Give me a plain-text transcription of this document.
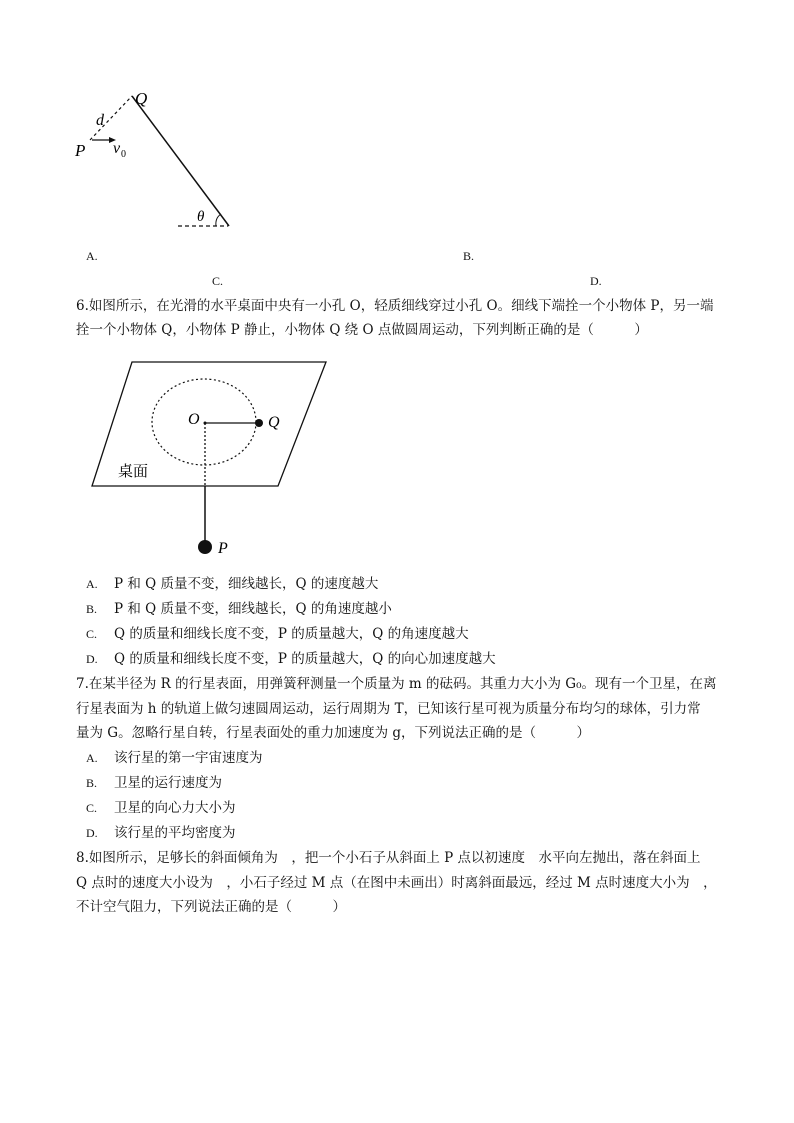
Q
d
P v 0
θ
A.	B.
C.	D.
6.如图所示，在光滑的水平桌面中央有一小孔 O，轻质细线穿过小孔 O。细线下端拴一个小物体 P，另一端
拴一个小物体 Q，小物体 P 静止，小物体 Q 绕 O 点做圆周运动，下列判断正确的是（　　　）
O	Q
P
桌面
A. P 和 Q 质量不变，细线越长，Q 的速度越大
B. P 和 Q 质量不变，细线越长，Q 的角速度越小
C. Q 的质量和细线长度不变，P 的质量越大，Q 的角速度越大
D. Q 的质量和细线长度不变，P 的质量越大，Q 的向心加速度越大
7.在某半径为 R 的行星表面，用弹簧秤测量一个质量为 m 的砝码。其重力大小为 G₀。现有一个卫星，在离
行星表面为 h 的轨道上做匀速圆周运动，运行周期为 T，已知该行星可视为质量分布均匀的球体，引力常
量为 G。忽略行星自转，行星表面处的重力加速度为 g，下列说法正确的是（　　　）
A. 该行星的第一宇宙速度为
B. 卫星的运行速度为
C. 卫星的向心力大小为
D. 该行星的平均密度为
8.如图所示，足够长的斜面倾角为　，把一个小石子从斜面上 P 点以初速度　水平向左抛出，落在斜面上
Q 点时的速度大小设为　，小石子经过 M 点（在图中未画出）时离斜面最远，经过 M 点时速度大小为　，
不计空气阻力，下列说法正确的是（　　　）
